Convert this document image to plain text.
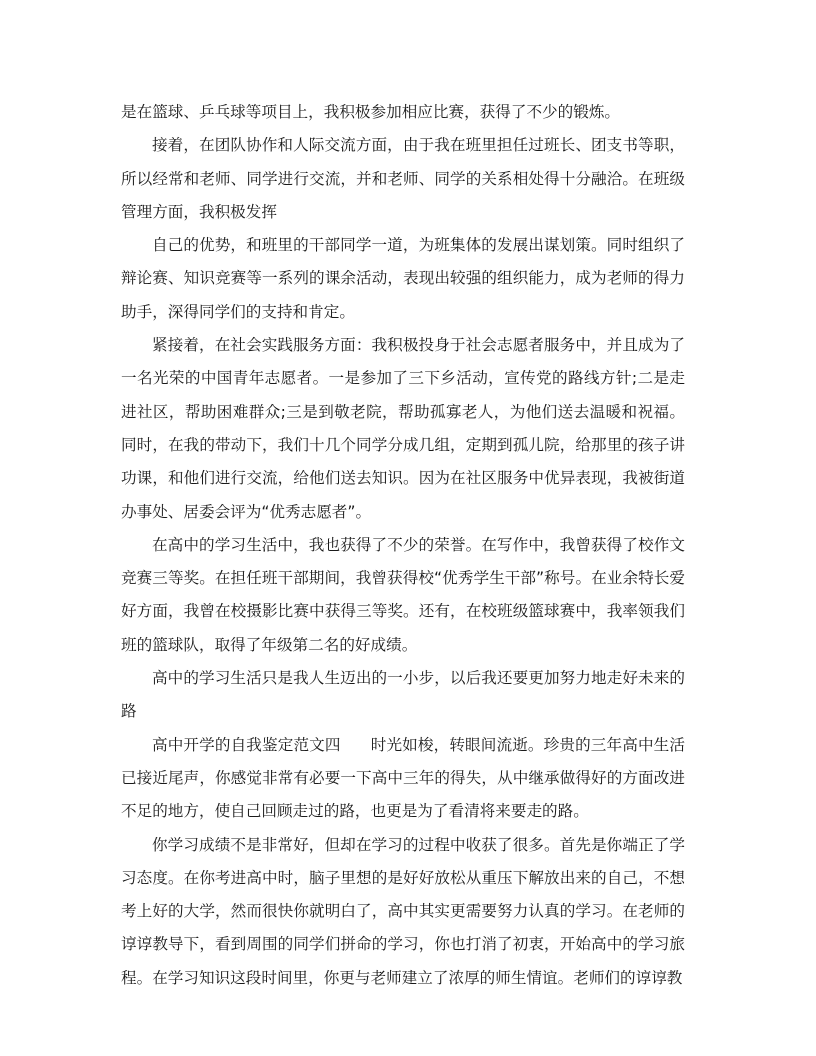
是在篮球、乒乓球等项目上，我积极参加相应比赛，获得了不少的锻炼。

接着，在团队协作和人际交流方面，由于我在班里担任过班长、团支书等职，所以经常和老师、同学进行交流，并和老师、同学的关系相处得十分融洽。在班级管理方面，我积极发挥

自己的优势，和班里的干部同学一道，为班集体的发展出谋划策。同时组织了辩论赛、知识竞赛等一系列的课余活动，表现出较强的组织能力，成为老师的得力助手，深得同学们的支持和肯定。

紧接着，在社会实践服务方面：我积极投身于社会志愿者服务中，并且成为了一名光荣的中国青年志愿者。一是参加了三下乡活动，宣传党的路线方针;二是走进社区，帮助困难群众;三是到敬老院，帮助孤寡老人，为他们送去温暖和祝福。同时，在我的带动下，我们十几个同学分成几组，定期到孤儿院，给那里的孩子讲功课，和他们进行交流，给他们送去知识。因为在社区服务中优异表现，我被街道办事处、居委会评为“优秀志愿者”。

在高中的学习生活中，我也获得了不少的荣誉。在写作中，我曾获得了校作文竞赛三等奖。在担任班干部期间，我曾获得校“优秀学生干部”称号。在业余特长爱好方面，我曾在校摄影比赛中获得三等奖。还有，在校班级篮球赛中，我率领我们班的篮球队，取得了年级第二名的好成绩。

高中的学习生活只是我人生迈出的一小步，以后我还要更加努力地走好未来的路

高中开学的自我鉴定范文四 时光如梭，转眼间流逝。珍贵的三年高中生活已接近尾声，你感觉非常有必要一下高中三年的得失，从中继承做得好的方面改进不足的地方，使自己回顾走过的路，也更是为了看清将来要走的路。

你学习成绩不是非常好，但却在学习的过程中收获了很多。首先是你端正了学习态度。在你考进高中时，脑子里想的是好好放松从重压下解放出来的自己，不想考上好的大学，然而很快你就明白了，高中其实更需要努力认真的学习。在老师的谆谆教导下，看到周围的同学们拼命的学习，你也打消了初衷，开始高中的学习旅程。在学习知识这段时间里，你更与老师建立了浓厚的师生情谊。老师们的谆谆教
